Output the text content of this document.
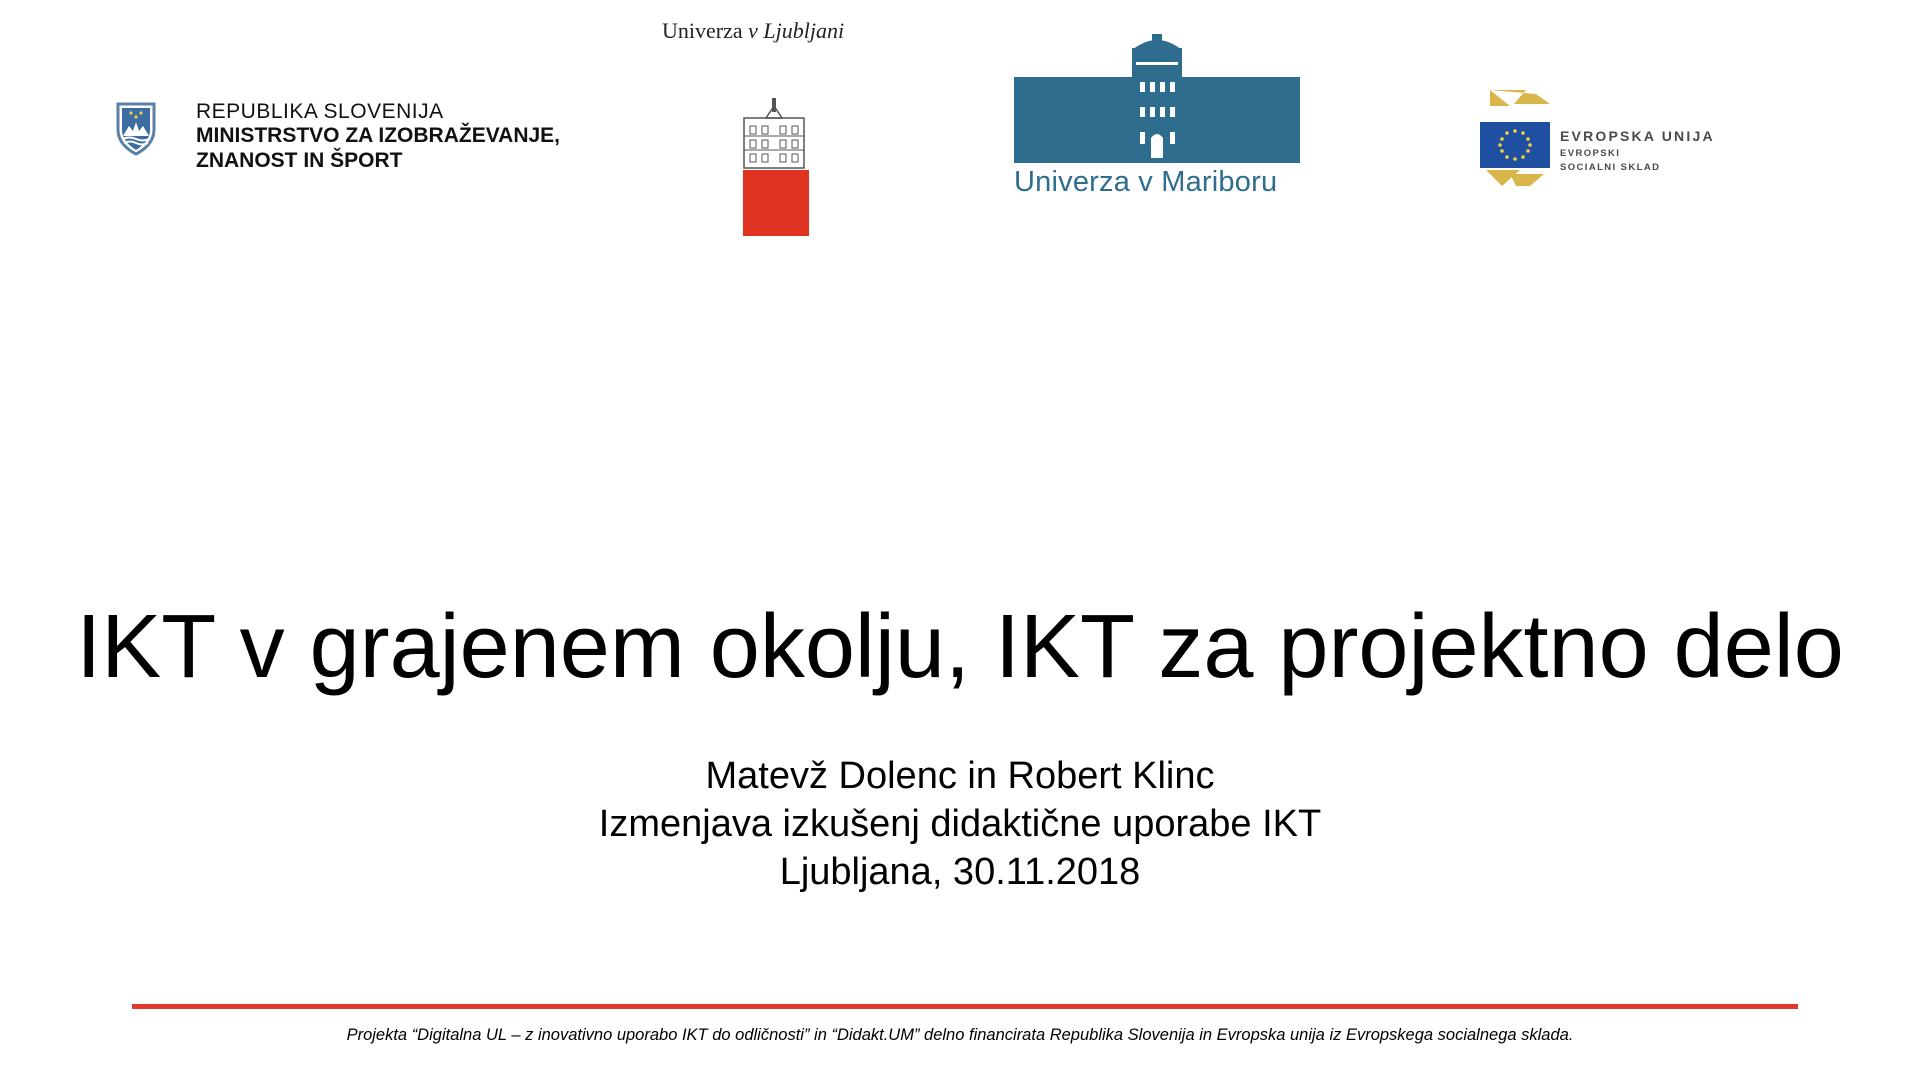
REPUBLIKA SLOVENIJA
MINISTRSTVO ZA IZOBRAŽEVANJE,
ZNANOST IN ŠPORT
Univerza v Ljubljani
Univerza v Mariboru
EVROPSKA UNIJA
EVROPSKI
SOCIALNI SKLAD
IKT v grajenem okolju, IKT za projektno delo
Matevž Dolenc in Robert Klinc
Izmenjava izkušenj didaktične uporabe IKT
Ljubljana, 30.11.2018
Projekta “Digitalna UL – z inovativno uporabo IKT do odličnosti” in “Didakt.UM” delno financirata Republika Slovenija in Evropska unija iz Evropskega socialnega sklada.
